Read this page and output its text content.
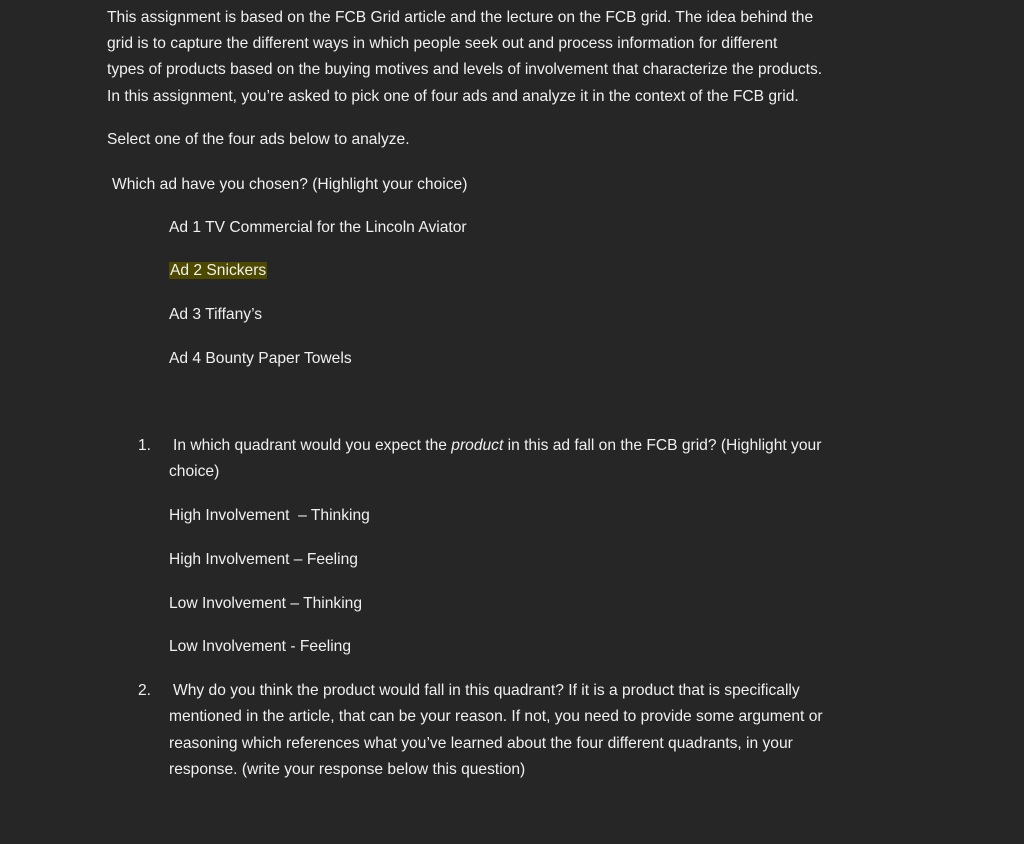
This assignment is based on the FCB Grid article and the lecture on the FCB grid. The idea behind the
grid is to capture the different ways in which people seek out and process information for different
types of products based on the buying motives and levels of involvement that characterize the products.
In this assignment, you’re asked to pick one of four ads and analyze it in the context of the FCB grid.
Select one of the four ads below to analyze.
Which ad have you chosen? (Highlight your choice)
Ad 1 TV Commercial for the Lincoln Aviator
Ad 2 Snickers
Ad 3 Tiffany’s
Ad 4 Bounty Paper Towels
1. In which quadrant would you expect the product in this ad fall on the FCB grid? (Highlight your
choice)
High Involvement  – Thinking
High Involvement – Feeling
Low Involvement – Thinking
Low Involvement - Feeling
2. Why do you think the product would fall in this quadrant? If it is a product that is specifically
mentioned in the article, that can be your reason. If not, you need to provide some argument or
reasoning which references what you’ve learned about the four different quadrants, in your
response. (write your response below this question)
